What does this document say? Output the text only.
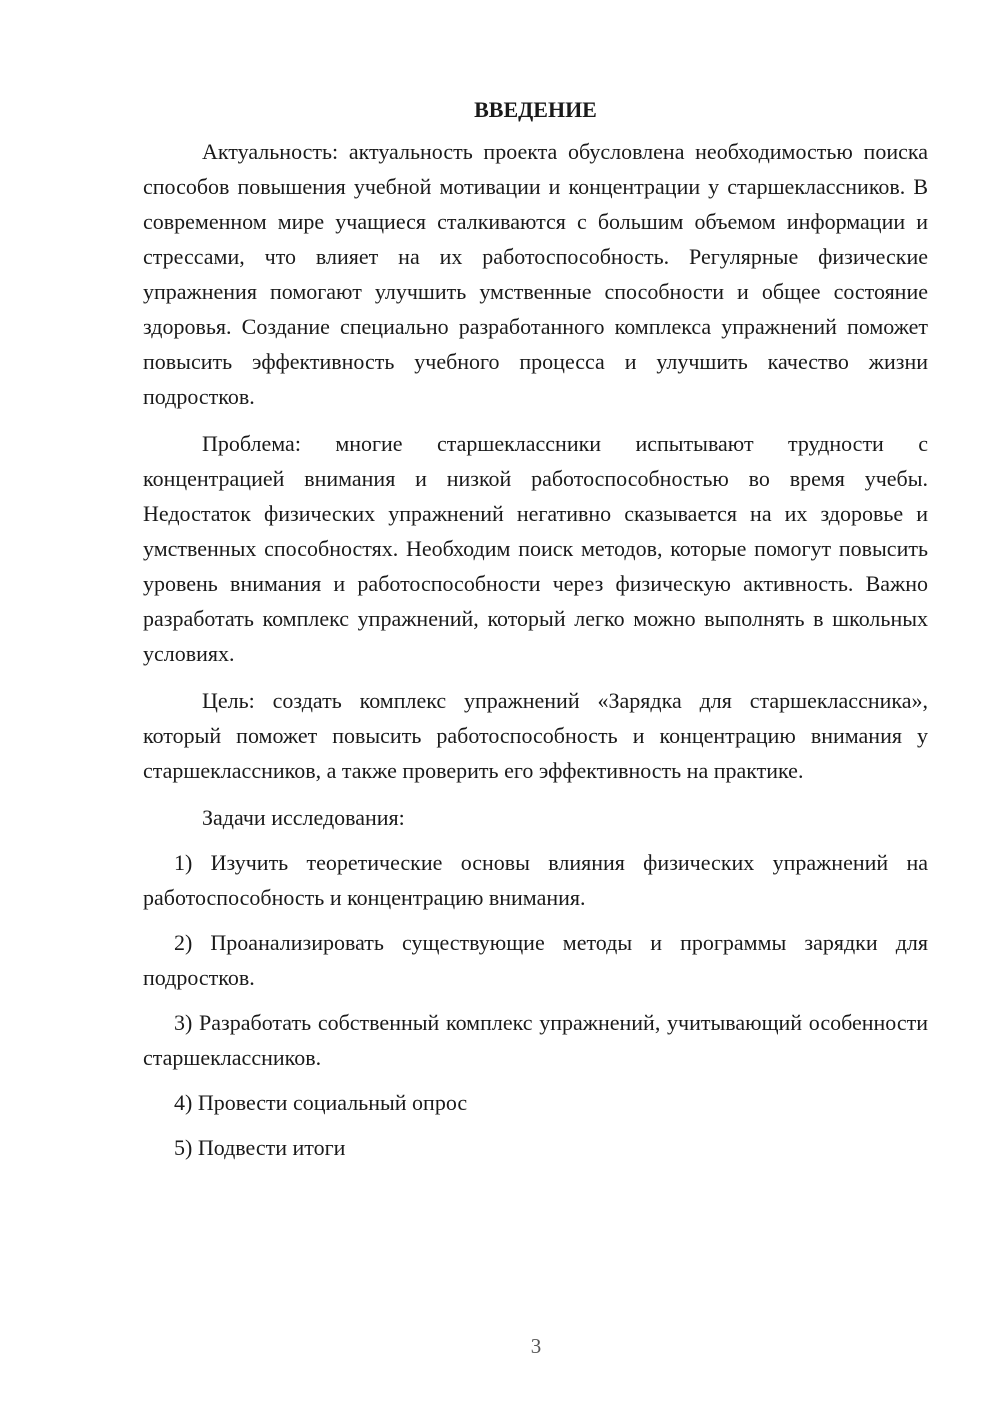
ВВЕДЕНИЕ

Актуальность: актуальность проекта обусловлена необходимостью поиска способов повышения учебной мотивации и концентрации у старшеклассников. В современном мире учащиеся сталкиваются с большим объемом информации и стрессами, что влияет на их работоспособность. Регулярные физические упражнения помогают улучшить умственные способности и общее состояние здоровья. Создание специально разработанного комплекса упражнений поможет повысить эффективность учебного процесса и улучшить качество жизни подростков.

Проблема: многие старшеклассники испытывают трудности с концентрацией внимания и низкой работоспособностью во время учебы. Недостаток физических упражнений негативно сказывается на их здоровье и умственных способностях. Необходим поиск методов, которые помогут повысить уровень внимания и работоспособности через физическую активность. Важно разработать комплекс упражнений, который легко можно выполнять в школьных условиях.

Цель: создать комплекс упражнений «Зарядка для старшеклассника», который поможет повысить работоспособность и концентрацию внимания у старшеклассников, а также проверить его эффективность на практике.

Задачи исследования:

1) Изучить теоретические основы влияния физических упражнений на работоспособность и концентрацию внимания.

2) Проанализировать существующие методы и программы зарядки для подростков.

3) Разработать собственный комплекс упражнений, учитывающий особенности старшеклассников.

4) Провести социальный опрос

5) Подвести итоги

3
